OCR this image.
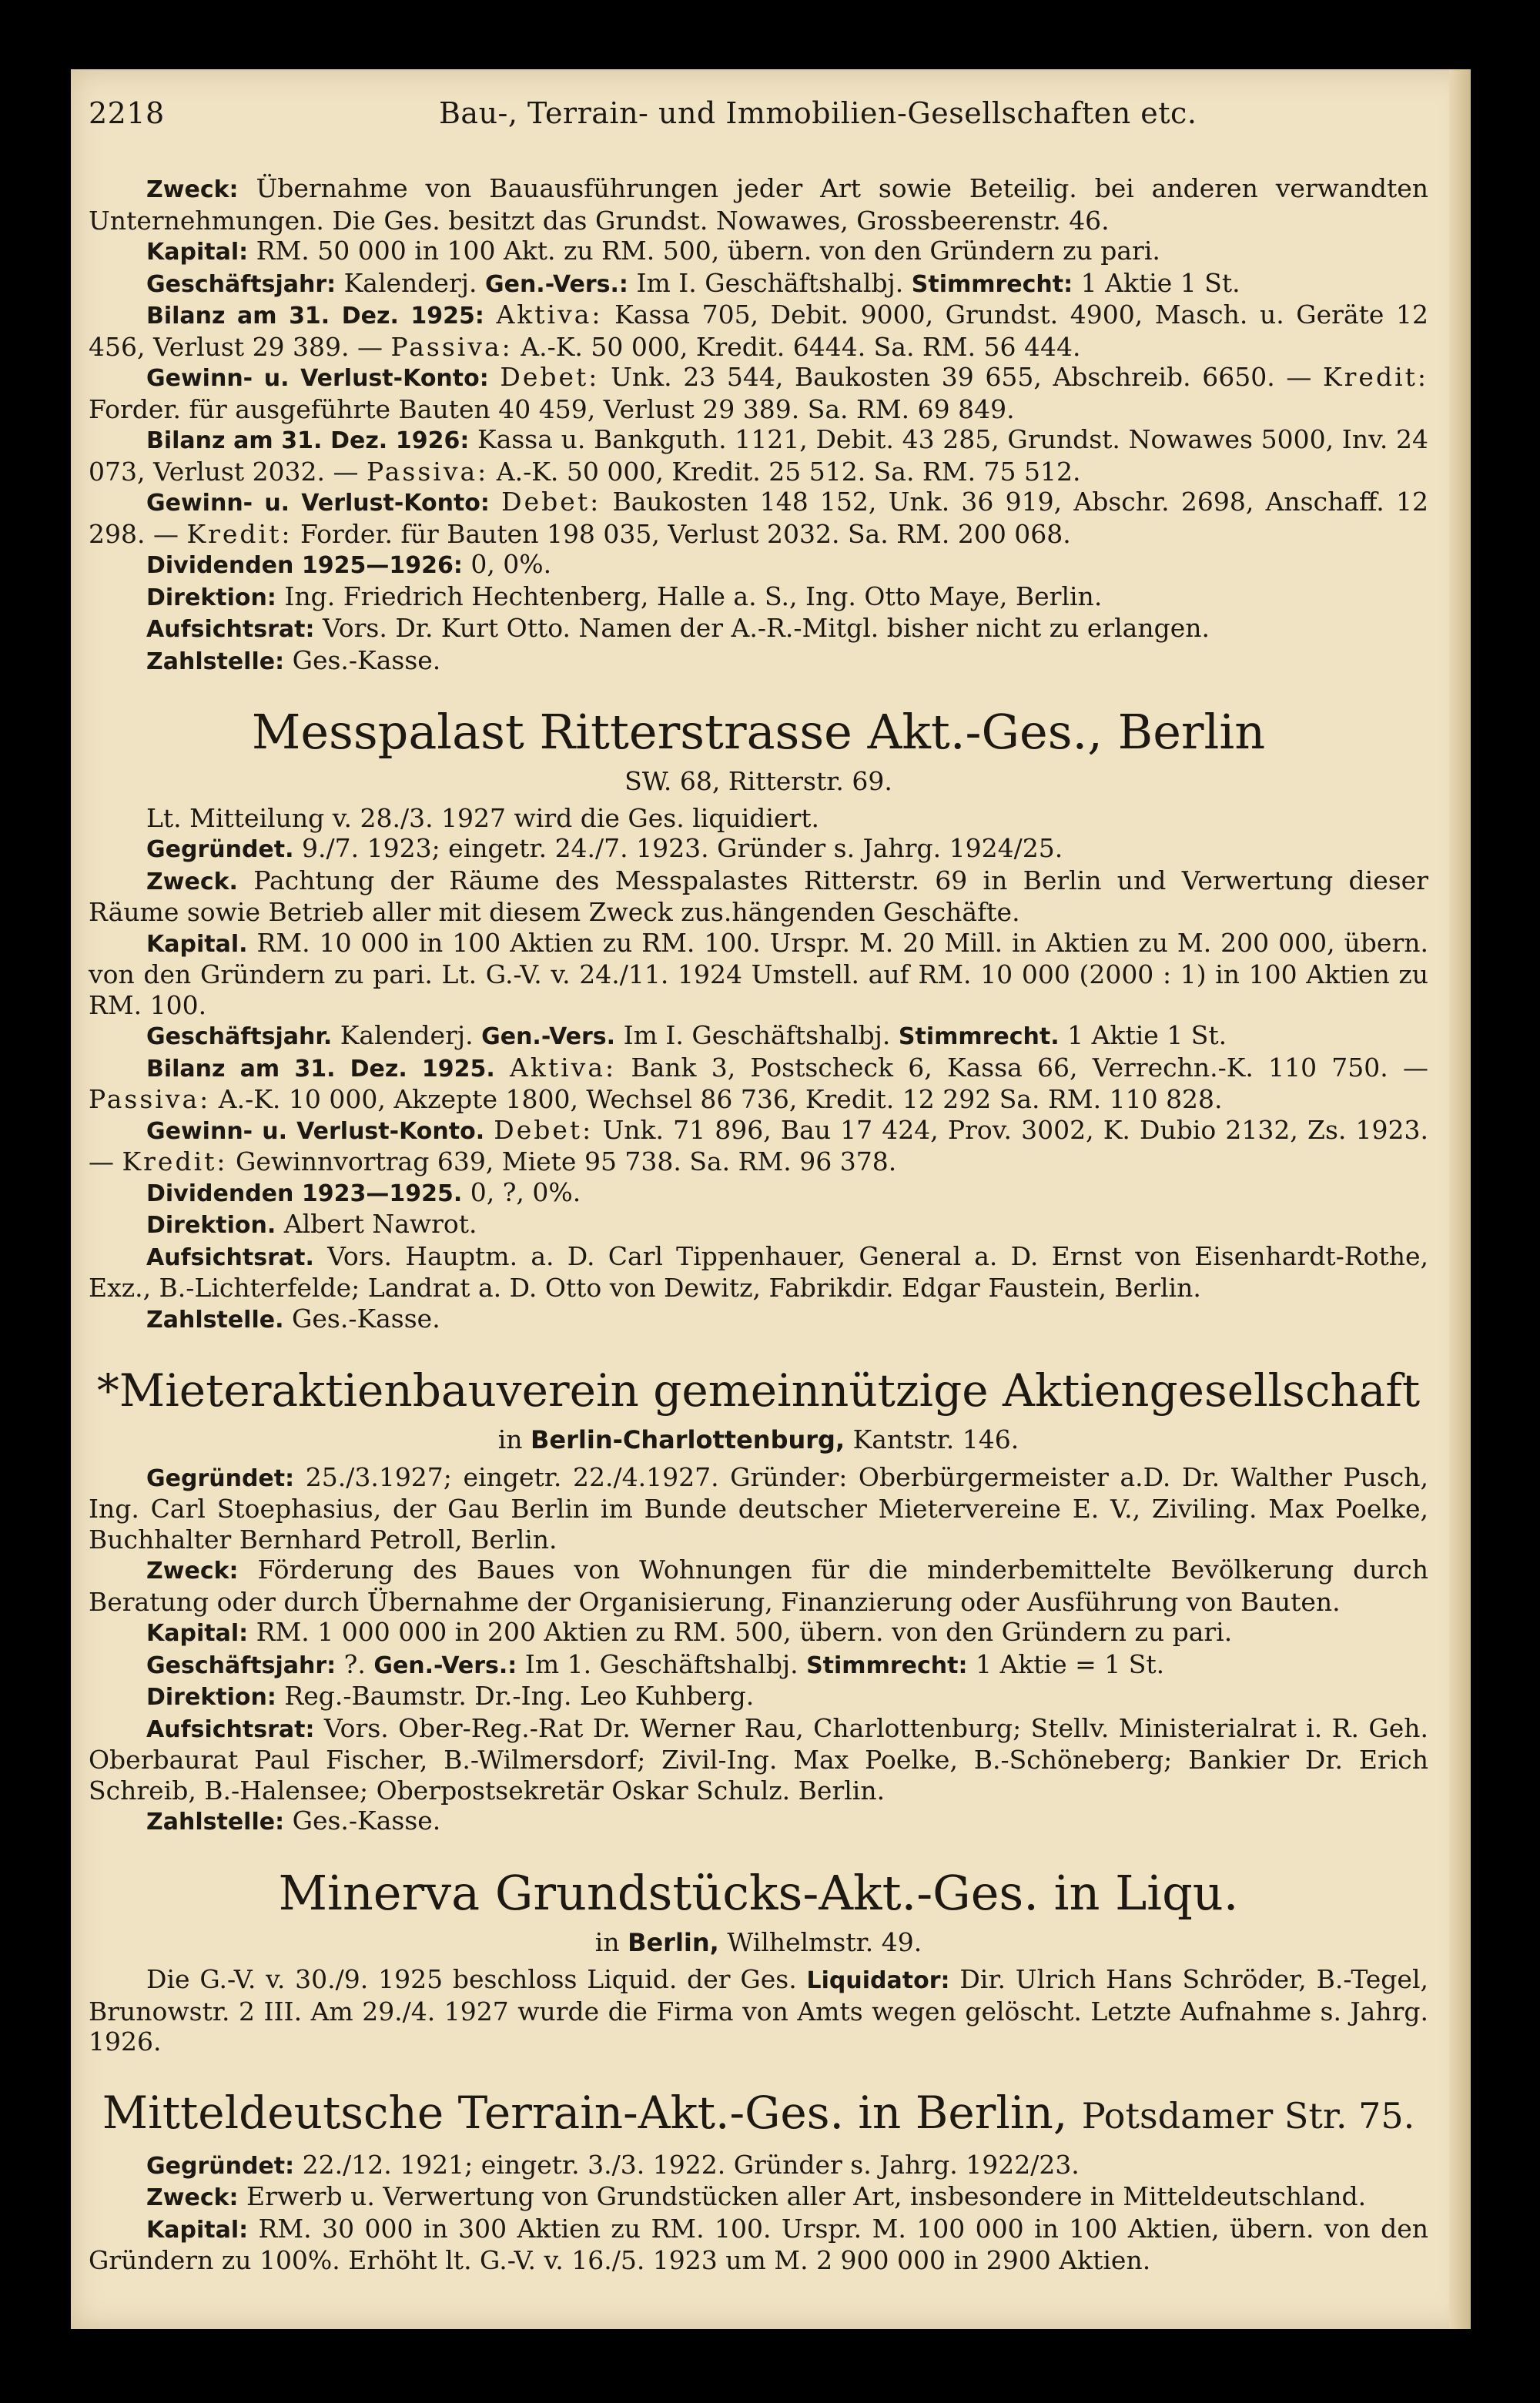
2218	Bau-, Terrain- und Immobilien-Gesellschaften etc.

Zweck: Übernahme von Bauausführungen jeder Art sowie Beteilig. bei anderen verwandten Unternehmungen. Die Ges. besitzt das Grundst. Nowawes, Grossbeerenstr. 46.

Kapital: RM. 50 000 in 100 Akt. zu RM. 500, übern. von den Gründern zu pari.

Geschäftsjahr: Kalenderj. Gen.-Vers.: Im I. Geschäftshalbj. Stimmrecht: 1 Aktie 1 St.

Bilanz am 31. Dez. 1925: Aktiva: Kassa 705, Debit. 9000, Grundst. 4900, Masch. u. Geräte 12 456, Verlust 29 389. — Passiva: A.-K. 50 000, Kredit. 6444. Sa. RM. 56 444.

Gewinn- u. Verlust-Konto: Debet: Unk. 23 544, Baukosten 39 655, Abschreib. 6650. — Kredit: Forder. für ausgeführte Bauten 40 459, Verlust 29 389. Sa. RM. 69 849.

Bilanz am 31. Dez. 1926: Kassa u. Bankguth. 1121, Debit. 43 285, Grundst. Nowawes 5000, Inv. 24 073, Verlust 2032. — Passiva: A.-K. 50 000, Kredit. 25 512. Sa. RM. 75 512.

Gewinn- u. Verlust-Konto: Debet: Baukosten 148 152, Unk. 36 919, Abschr. 2698, Anschaff. 12 298. — Kredit: Forder. für Bauten 198 035, Verlust 2032. Sa. RM. 200 068.

Dividenden 1925—1926: 0, 0%.

Direktion: Ing. Friedrich Hechtenberg, Halle a. S., Ing. Otto Maye, Berlin.

Aufsichtsrat: Vors. Dr. Kurt Otto. Namen der A.-R.-Mitgl. bisher nicht zu erlangen.

Zahlstelle: Ges.-Kasse.

Messpalast Ritterstrasse Akt.-Ges., Berlin
SW. 68, Ritterstr. 69.

Lt. Mitteilung v. 28./3. 1927 wird die Ges. liquidiert.

Gegründet. 9./7. 1923; eingetr. 24./7. 1923. Gründer s. Jahrg. 1924/25.

Zweck. Pachtung der Räume des Messpalastes Ritterstr. 69 in Berlin und Verwertung dieser Räume sowie Betrieb aller mit diesem Zweck zus.hängenden Geschäfte.

Kapital. RM. 10 000 in 100 Aktien zu RM. 100. Urspr. M. 20 Mill. in Aktien zu M. 200 000, übern. von den Gründern zu pari. Lt. G.-V. v. 24./11. 1924 Umstell. auf RM. 10 000 (2000 : 1) in 100 Aktien zu RM. 100.

Geschäftsjahr. Kalenderj. Gen.-Vers. Im I. Geschäftshalbj. Stimmrecht. 1 Aktie 1 St.

Bilanz am 31. Dez. 1925. Aktiva: Bank 3, Postscheck 6, Kassa 66, Verrechn.-K. 110 750. — Passiva: A.-K. 10 000, Akzepte 1800, Wechsel 86 736, Kredit. 12 292 Sa. RM. 110 828.

Gewinn- u. Verlust-Konto. Debet: Unk. 71 896, Bau 17 424, Prov. 3002, K. Dubio 2132, Zs. 1923. — Kredit: Gewinnvortrag 639, Miete 95 738. Sa. RM. 96 378.

Dividenden 1923—1925. 0, ?, 0%.

Direktion. Albert Nawrot.

Aufsichtsrat. Vors. Hauptm. a. D. Carl Tippenhauer, General a. D. Ernst von Eisenhardt-Rothe, Exz., B.-Lichterfelde; Landrat a. D. Otto von Dewitz, Fabrikdir. Edgar Faustein, Berlin.

Zahlstelle. Ges.-Kasse.

*Mieteraktienbauverein gemeinnützige Aktiengesellschaft
in Berlin-Charlottenburg, Kantstr. 146.

Gegründet: 25./3.1927; eingetr. 22./4.1927. Gründer: Oberbürgermeister a.D. Dr. Walther Pusch, Ing. Carl Stoephasius, der Gau Berlin im Bunde deutscher Mietervereine E. V., Ziviling. Max Poelke, Buchhalter Bernhard Petroll, Berlin.

Zweck: Förderung des Baues von Wohnungen für die minderbemittelte Bevölkerung durch Beratung oder durch Übernahme der Organisierung, Finanzierung oder Ausführung von Bauten.

Kapital: RM. 1 000 000 in 200 Aktien zu RM. 500, übern. von den Gründern zu pari.

Geschäftsjahr: ?. Gen.-Vers.: Im 1. Geschäftshalbj. Stimmrecht: 1 Aktie = 1 St.

Direktion: Reg.-Baumstr. Dr.-Ing. Leo Kuhberg.

Aufsichtsrat: Vors. Ober-Reg.-Rat Dr. Werner Rau, Charlottenburg; Stellv. Ministerialrat i. R. Geh. Oberbaurat Paul Fischer, B.-Wilmersdorf; Zivil-Ing. Max Poelke, B.-Schöneberg; Bankier Dr. Erich Schreib, B.-Halensee; Oberpostsekretär Oskar Schulz. Berlin.

Zahlstelle: Ges.-Kasse.

Minerva Grundstücks-Akt.-Ges. in Liqu.
in Berlin, Wilhelmstr. 49.

Die G.-V. v. 30./9. 1925 beschloss Liquid. der Ges. Liquidator: Dir. Ulrich Hans Schröder, B.-Tegel, Brunowstr. 2 III. Am 29./4. 1927 wurde die Firma von Amts wegen gelöscht. Letzte Aufnahme s. Jahrg. 1926.

Mitteldeutsche Terrain-Akt.-Ges. in Berlin, Potsdamer Str. 75.

Gegründet: 22./12. 1921; eingetr. 3./3. 1922. Gründer s. Jahrg. 1922/23.

Zweck: Erwerb u. Verwertung von Grundstücken aller Art, insbesondere in Mitteldeutschland.

Kapital: RM. 30 000 in 300 Aktien zu RM. 100. Urspr. M. 100 000 in 100 Aktien, übern. von den Gründern zu 100%. Erhöht lt. G.-V. v. 16./5. 1923 um M. 2 900 000 in 2900 Aktien.
